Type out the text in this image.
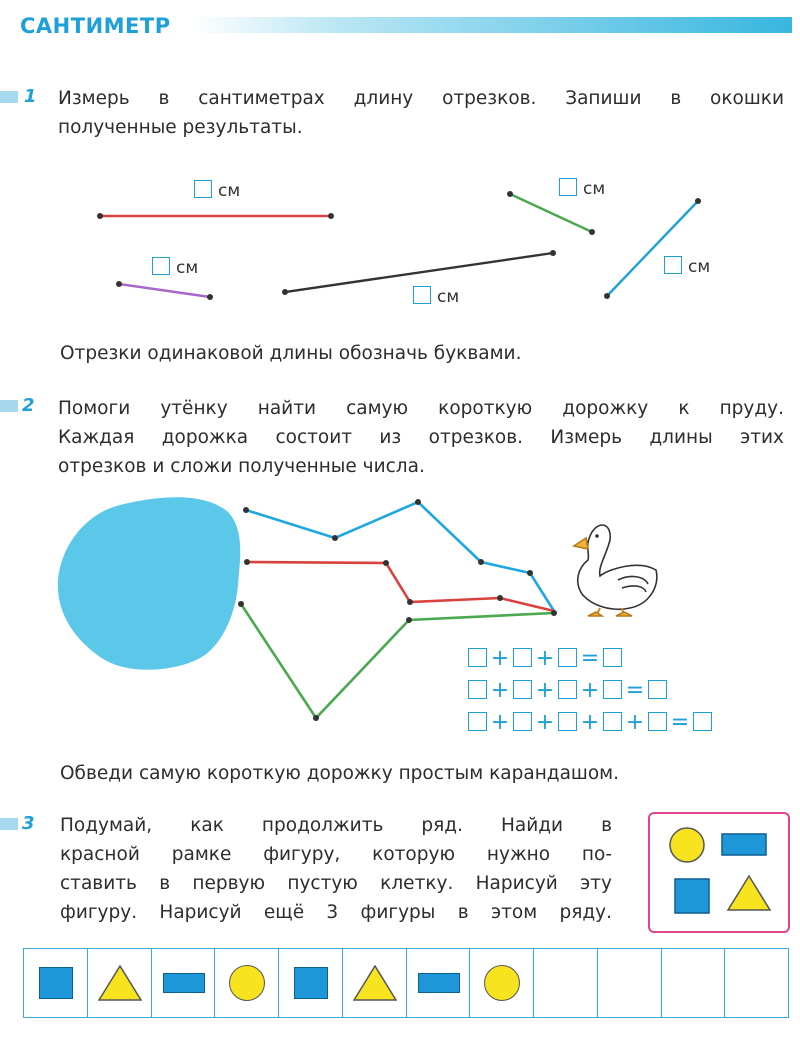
САНТИМЕТР
1 Измерь в сантиметрах длину отрезков. Запиши в окошки
полученные результаты.
см	см
см
см
см
Отрезки одинаковой длины обозначь буквами.
2 Помоги утёнку найти самую короткую дорожку к пруду.
Каждая дорожка состоит из отрезков. Измерь длины этих
отрезков и сложи полученные числа.
+ + =
+ + + =
+ + + + =
Обведи самую короткую дорожку простым карандашом.
3 Подумай, как продолжить ряд. Найди в
красной рамке фигуру, которую нужно по-
ставить в первую пустую клетку. Нарисуй эту
фигуру. Нарисуй ещё 3 фигуры в этом ряду.
